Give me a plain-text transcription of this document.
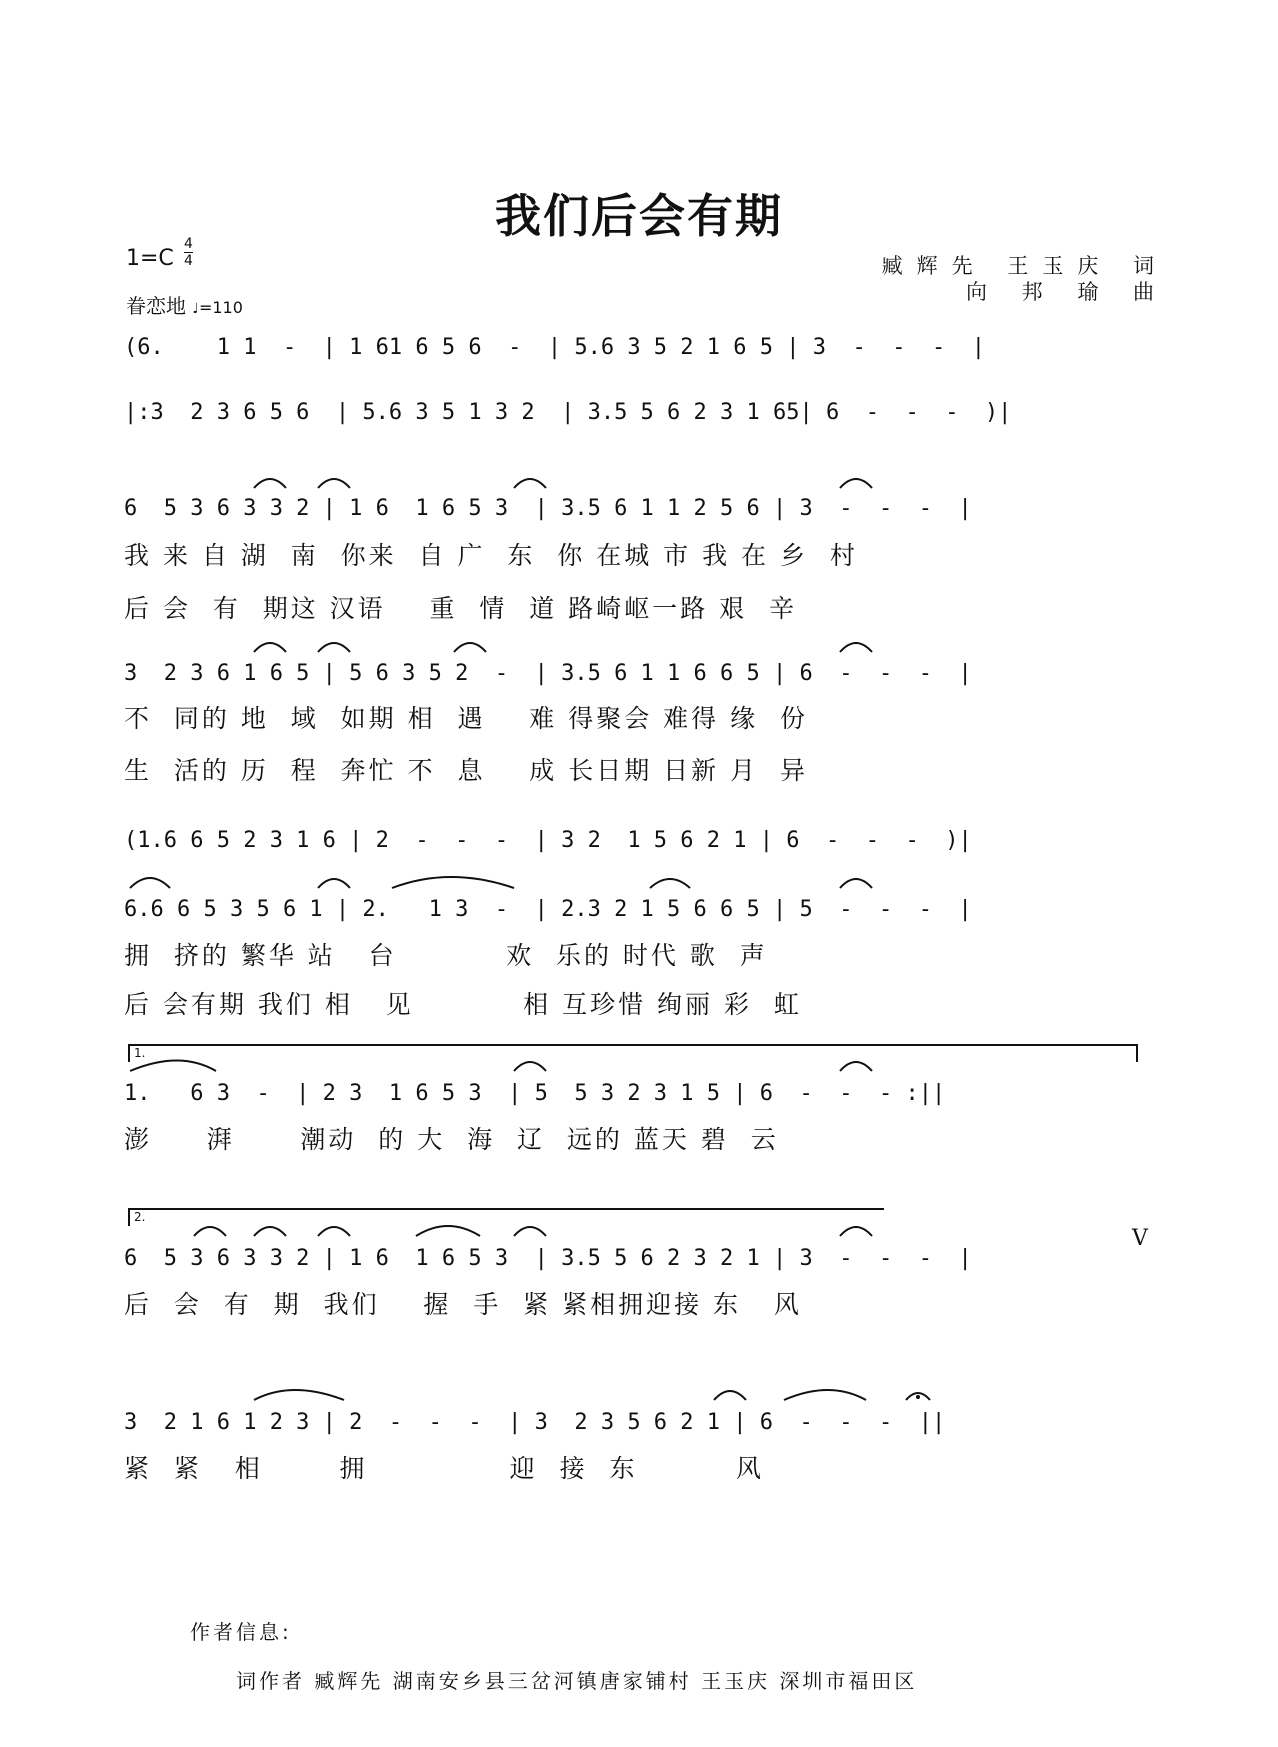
我们后会有期
1=C
4
4
眷恋地 ♩=110
臧辉先 王玉庆 词
向 邦 瑜 曲
(6.    1 1  -  | 1 61 6 5 6  -  | 5.6 3 5 2 1 6 5 | 3  -  -  -  |
|:3  2 3 6 5 6  | 5.6 3 5 1 3 2  | 3.5 5 6 2 3 1 65| 6  -  -  -  )|
6  5 3 6 3 3 2 | 1 6  1 6 5 3  | 3.5 6 1 1 2 5 6 | 3  -  -  -  |
我 来 自 湖  南  你来  自 广  东  你 在城 市 我 在 乡  村
后 会  有  期这 汉语    重  情  道 路崎岖一路 艰  辛
3  2 3 6 1 6 5 | 5 6 3 5 2  -  | 3.5 6 1 1 6 6 5 | 6  -  -  -  |
不  同的 地  域  如期 相  遇    难 得聚会 难得 缘  份
生  活的 历  程  奔忙 不  息    成 长日期 日新 月  异
(1.6 6 5 2 3 1 6 | 2  -  -  -  | 3 2  1 5 6 2 1 | 6  -  -  -  )|
6.6 6 5 3 5 6 1 | 2.   1 3  -  | 2.3 2 1 5 6 6 5 | 5  -  -  -  |
拥  挤的 繁华 站   台          欢  乐的 时代 歌  声
后 会有期 我们 相   见          相 互珍惜 绚丽 彩  虹
1.
1.   6 3  -  | 2 3  1 6 5 3  | 5  5 3 2 3 1 5 | 6  -  -  - :||
澎     湃      潮动  的 大  海  辽  远的 蓝天 碧  云
2.
6  5 3 6 3 3 2 | 1 6  1 6 5 3  | 3.5 5 6 2 3 2 1 | 3  -  -  -  |
V
后  会  有  期  我们    握  手  紧 紧相拥迎接 东   风
3  2 1 6 1 2 3 | 2  -  -  -  | 3  2 3 5 6 2 1 | 6  -  -  -  ||
紧  紧   相       拥             迎  接  东         风
作者信息:
词作者 臧辉先 湖南安乡县三岔河镇唐家铺村 王玉庆 深圳市福田区
